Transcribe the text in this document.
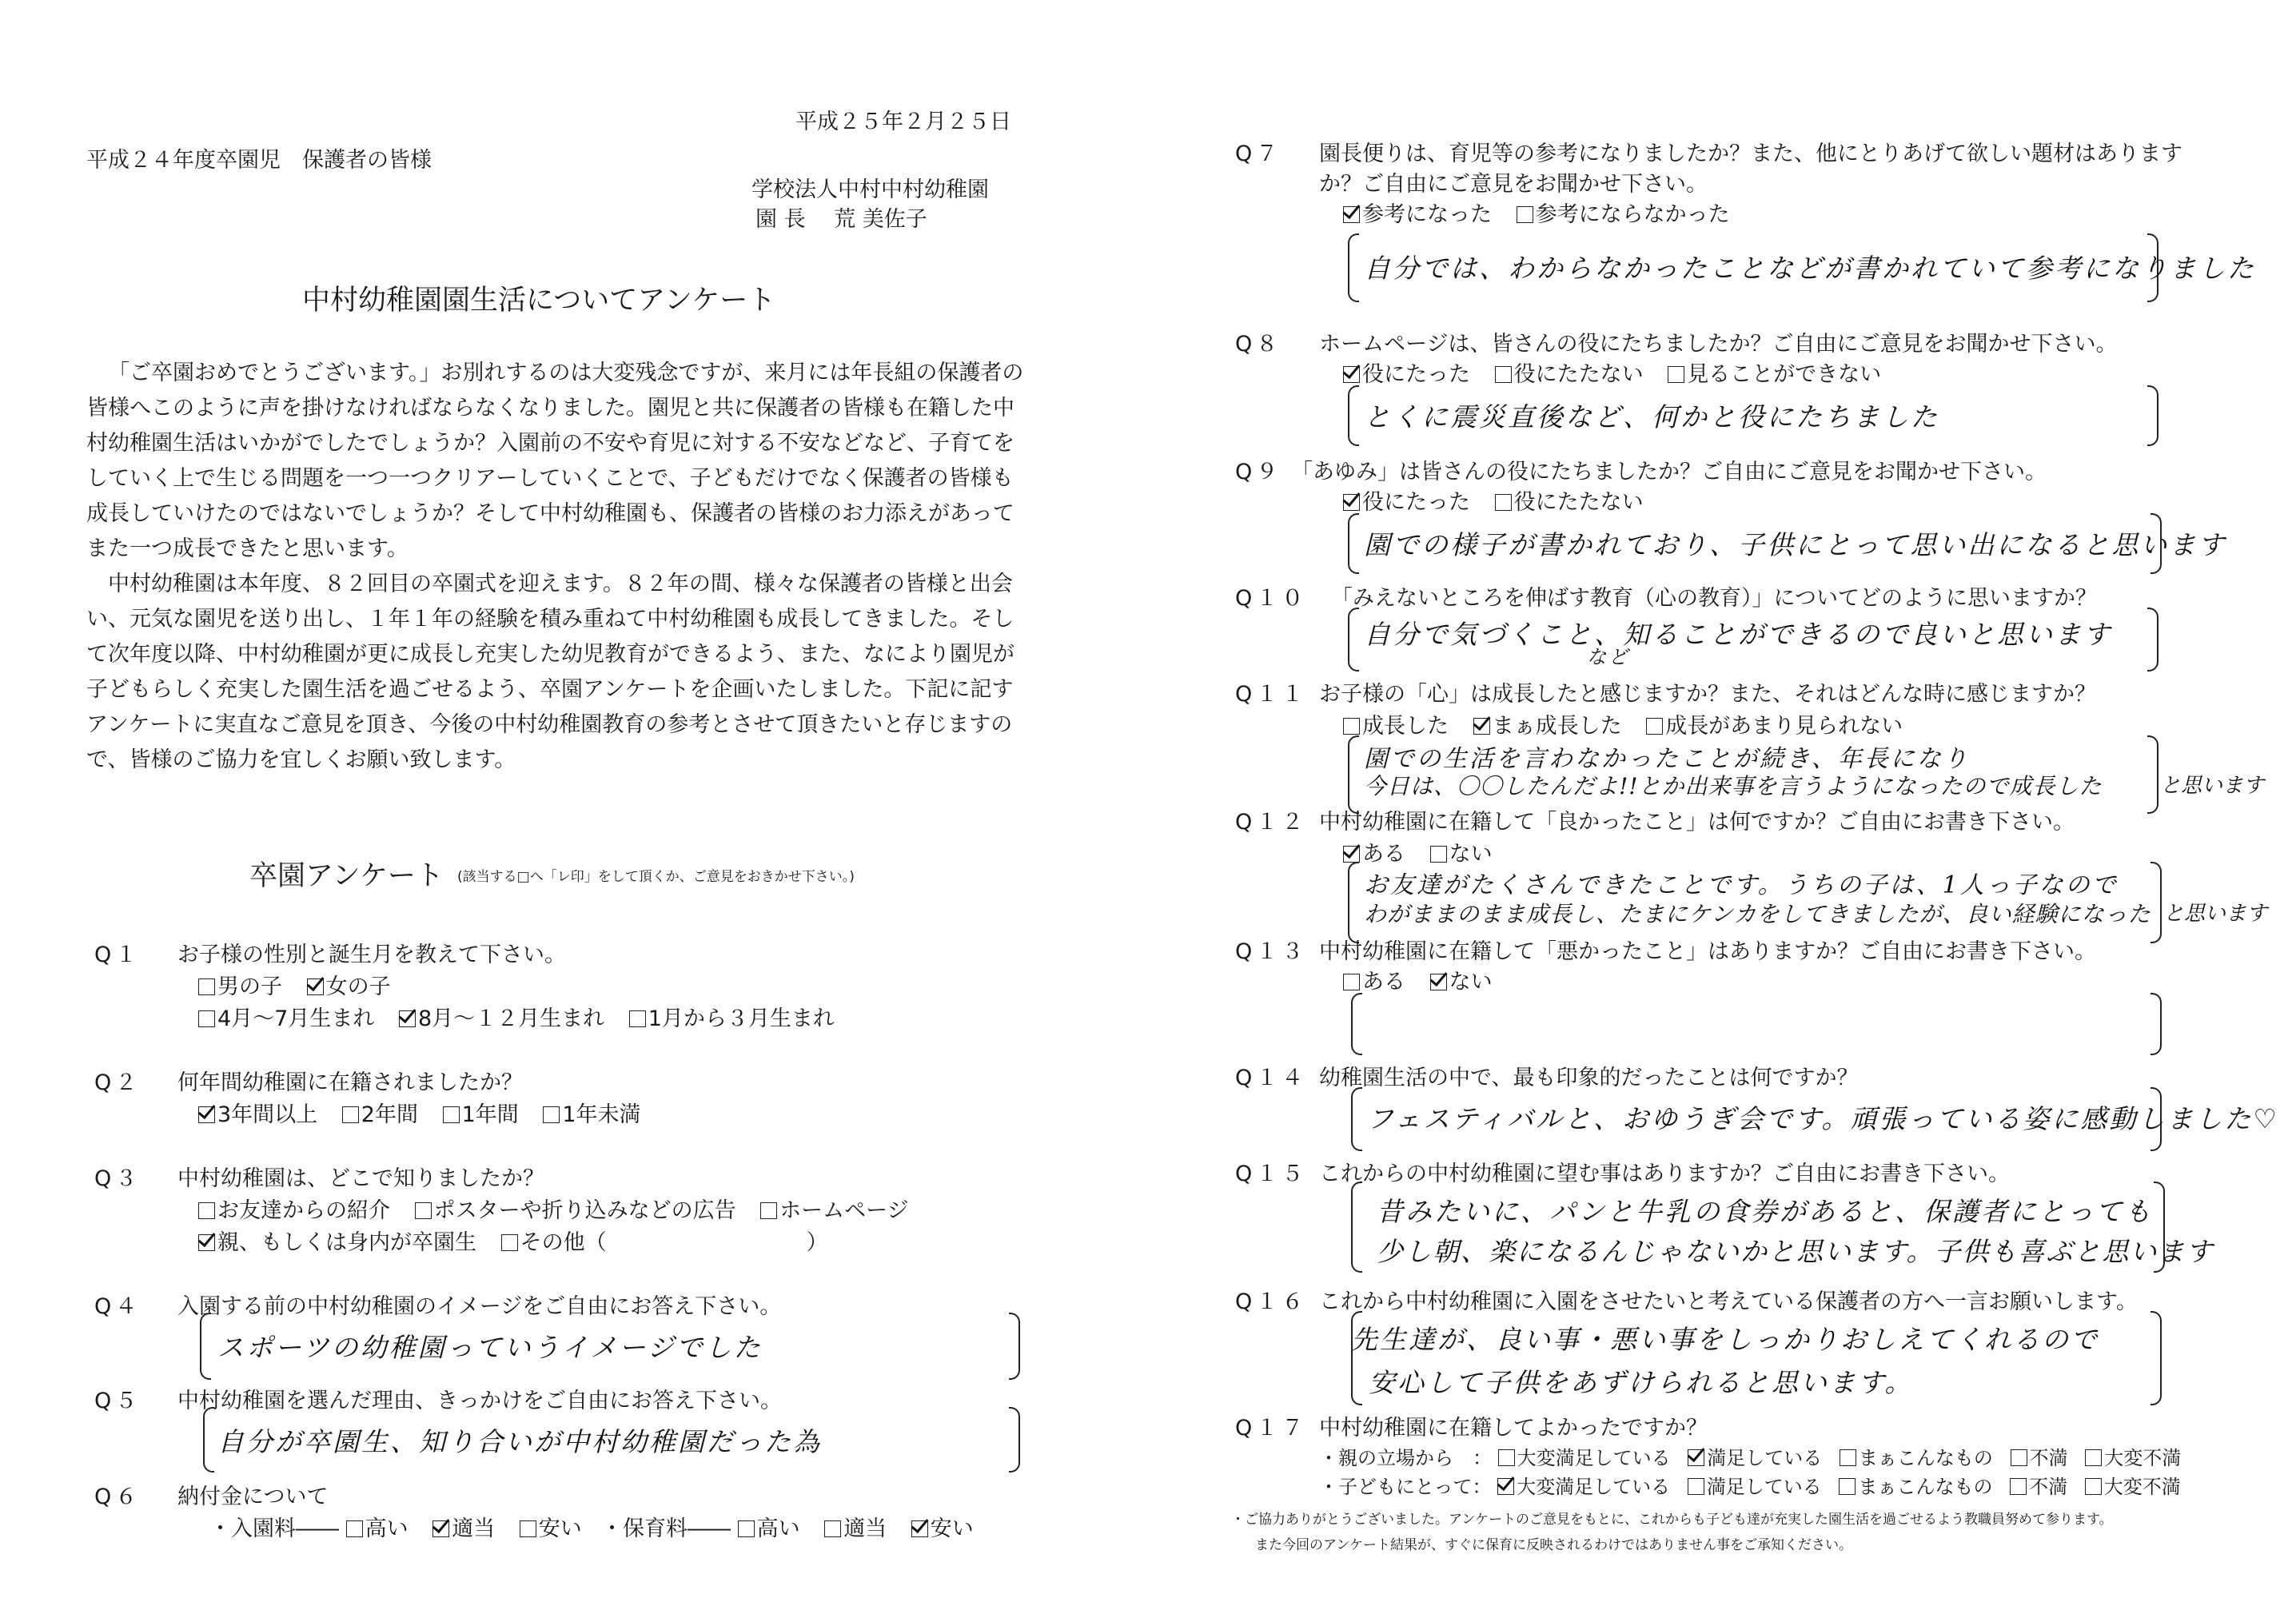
平成２５年２月２５日
平成２４年度卒園児　保護者の皆様
学校法人中村中村幼稚園
園 長　 荒 美佐子
中村幼稚園園生活についてアンケート

「ご卒園おめでとうございます。」お別れするのは大変残念ですが、来月には年長組の保護者の皆様へこのように声を掛けなければならなくなりました。園児と共に保護者の皆様も在籍した中村幼稚園生活はいかがでしたでしょうか？入園前の不安や育児に対する不安などなど、子育てをしていく上で生じる問題を一つ一つクリアーしていくことで、子どもだけでなく保護者の皆様も成長していけたのではないでしょうか？そして中村幼稚園も、保護者の皆様のお力添えがあってまた一つ成長できたと思います。

中村幼稚園は本年度、８２回目の卒園式を迎えます。８２年の間、様々な保護者の皆様と出会い、元気な園児を送り出し、１年１年の経験を積み重ねて中村幼稚園も成長してきました。そして次年度以降、中村幼稚園が更に成長し充実した幼児教育ができるよう、また、なにより園児が子どもらしく充実した園生活を過ごせるよう、卒園アンケートを企画いたしました。下記に記すアンケートに実直なご意見を頂き、今後の中村幼稚園教育の参考とさせて頂きたいと存じますので、皆様のご協力を宜しくお願い致します。

卒園アンケート (該当する□へ「レ印」をして頂くか、ご意見をおきかせ下さい。)
Q１ お子様の性別と誕生月を教えて下さい。
男の子 女の子
4月～7月生まれ 8月～１２月生まれ 1月から３月生まれ
Q２ 何年間幼稚園に在籍されましたか？
3年間以上 2年間 1年間 1年未満
Q３ 中村幼稚園は、どこで知りましたか？
お友達からの紹介 ポスターや折り込みなどの広告 ホームページ
親、もしくは身内が卒園生 その他（	）
Q４ 入園する前の中村幼稚園のイメージをご自由にお答え下さい。
スポーツの幼稚園っていうイメージでした
Q５ 中村幼稚園を選んだ理由、きっかけをご自由にお答え下さい。
自分が卒園生、知り合いが中村幼稚園だった為
Q６ 納付金について
・入園料―― 高い 適当 安い ・保育料―― 高い 適当 安い
Q７ 園長便りは、育児等の参考になりましたか？また、他にとりあげて欲しい題材はあります
か？ご自由にご意見をお聞かせ下さい。
参考になった 参考にならなかった
自分では、わからなかったことなどが書かれていて参考になりました
Q８ ホームページは、皆さんの役にたちましたか？ご自由にご意見をお聞かせ下さい。
役にたった 役にたたない 見ることができない
とくに震災直後など、何かと役にたちました
Q９ 「あゆみ」は皆さんの役にたちましたか？ご自由にご意見をお聞かせ下さい。
役にたった 役にたたない
園での様子が書かれており、子供にとって思い出になると思います
Q１０ 「みえないところを伸ばす教育（心の教育）」についてどのように思いますか？
自分で気づくこと、知ることができるので良いと思います
など
Q１１ お子様の「心」は成長したと感じますか？また、それはどんな時に感じますか？
成長した まぁ成長した 成長があまり見られない
園での生活を言わなかったことが続き、年長になり
今日は、〇〇したんだよ!!とか出来事を言うようになったので成長した	と思います
Q１２ 中村幼稚園に在籍して「良かったこと」は何ですか？ご自由にお書き下さい。
ある ない
お友達がたくさんできたことです。うちの子は、1人っ子なので
わがままのまま成長し、たまにケンカをしてきましたが、良い経験になった と思います
Q１３ 中村幼稚園に在籍して「悪かったこと」はありますか？ご自由にお書き下さい。
ある ない
Q１４ 幼稚園生活の中で、最も印象的だったことは何ですか？
フェスティバルと、おゆうぎ会です。頑張っている姿に感動しました♡
Q１５ これからの中村幼稚園に望む事はありますか？ご自由にお書き下さい。
昔みたいに、パンと牛乳の食券があると、保護者にとっても
少し朝、楽になるんじゃないかと思います。子供も喜ぶと思います
Q１６ これから中村幼稚園に入園をさせたいと考えている保護者の方へ一言お願いします。
先生達が、良い事・悪い事をしっかりおしえてくれるので
安心して子供をあずけられると思います。
Q１７ 中村幼稚園に在籍してよかったですか？
・親の立場から　： 大変満足している 満足している まぁこんなもの 不満 大変不満
・子どもにとって： 大変満足している 満足している まぁこんなもの 不満 大変不満
・ご協力ありがとうございました。アンケートのご意見をもとに、これからも子ども達が充実した園生活を過ごせるよう教職員努めて参ります。
また今回のアンケート結果が、すぐに保育に反映されるわけではありません事をご承知ください。
